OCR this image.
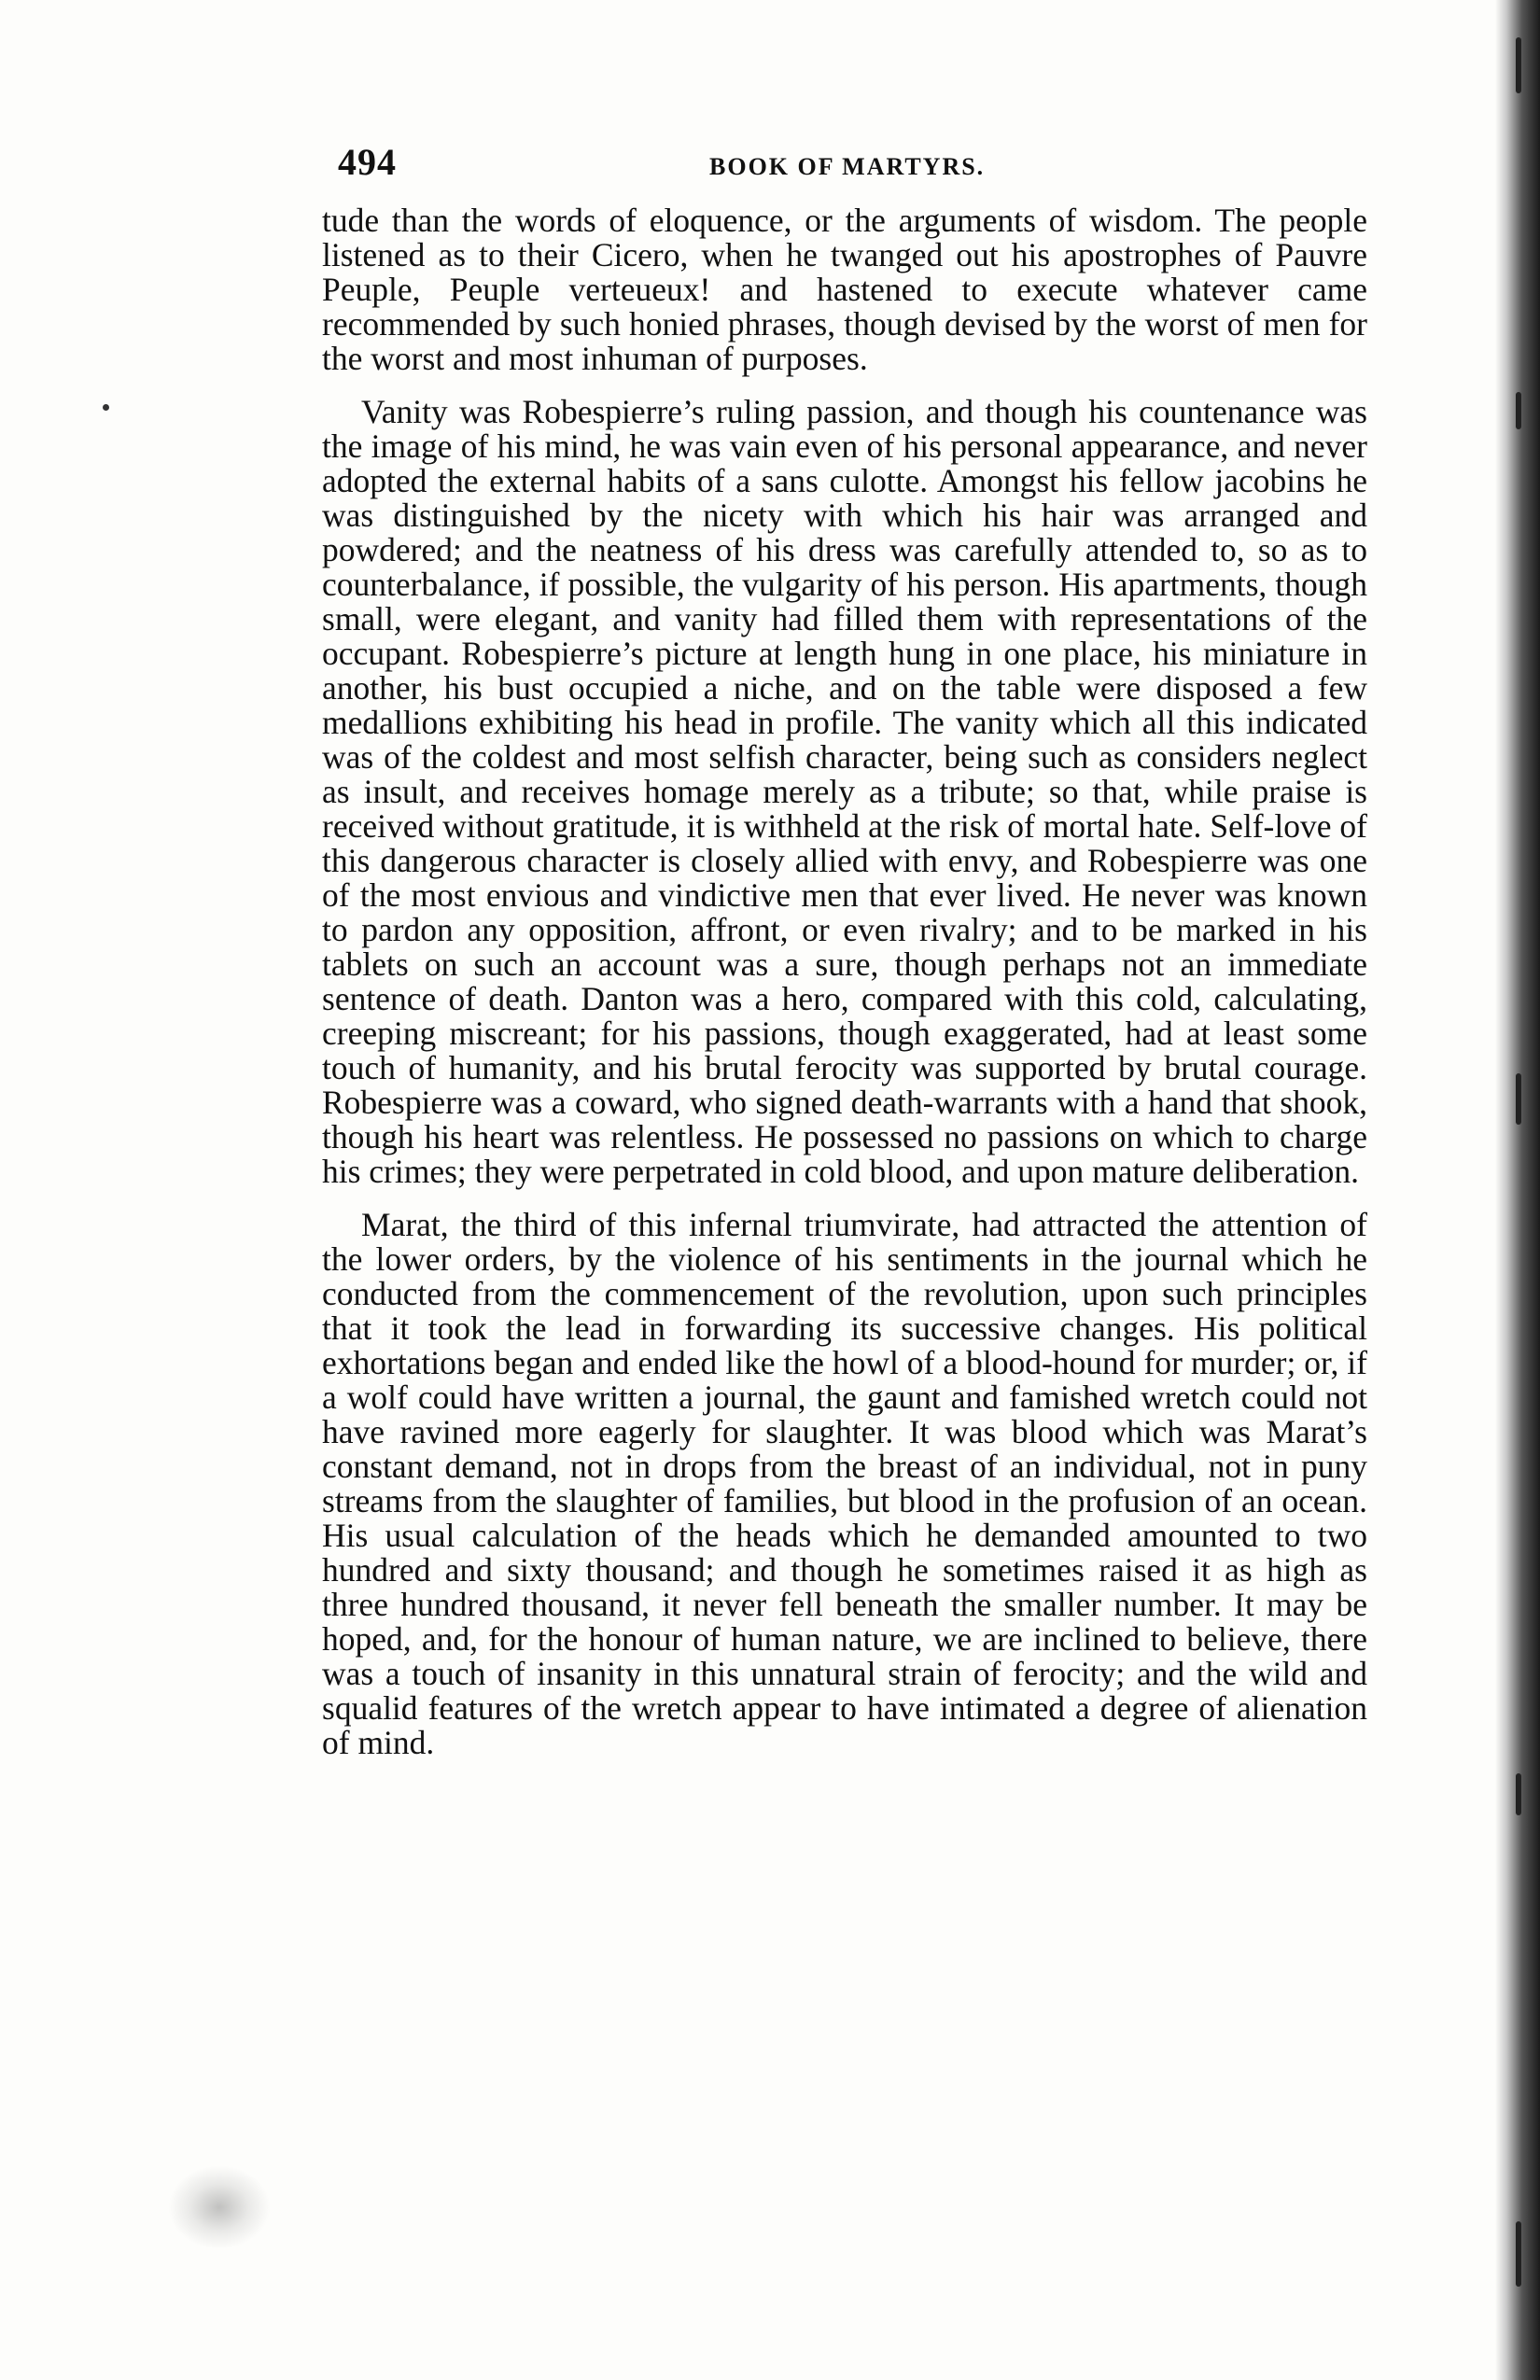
494	BOOK OF MARTYRS.

tude than the words of eloquence, or the arguments of wisdom. The people listened as to their Cicero, when he twanged out his apostrophes of Pauvre Peuple, Peuple verteueux! and hastened to execute whatever came recommended by such honied phrases, though devised by the worst of men for the worst and most inhuman of purposes.

Vanity was Robespierre’s ruling passion, and though his countenance was the image of his mind, he was vain even of his personal appearance, and never adopted the external habits of a sans culotte. Amongst his fellow jacobins he was distinguished by the nicety with which his hair was arranged and powdered; and the neatness of his dress was carefully attended to, so as to counterbalance, if possible, the vulgarity of his person. His apartments, though small, were elegant, and vanity had filled them with representations of the occupant. Robespierre’s picture at length hung in one place, his miniature in another, his bust occupied a niche, and on the table were disposed a few medallions exhibiting his head in profile. The vanity which all this indicated was of the coldest and most selfish character, being such as considers neglect as insult, and receives homage merely as a tribute; so that, while praise is received without gratitude, it is withheld at the risk of mortal hate. Self-love of this dangerous character is closely allied with envy, and Robespierre was one of the most envious and vindictive men that ever lived. He never was known to pardon any opposition, affront, or even rivalry; and to be marked in his tablets on such an account was a sure, though perhaps not an immediate sentence of death. Danton was a hero, compared with this cold, calculating, creeping miscreant; for his passions, though exaggerated, had at least some touch of humanity, and his brutal ferocity was supported by brutal courage. Robespierre was a coward, who signed death-warrants with a hand that shook, though his heart was relentless. He possessed no passions on which to charge his crimes; they were perpetrated in cold blood, and upon mature deliberation.

Marat, the third of this infernal triumvirate, had attracted the attention of the lower orders, by the violence of his sentiments in the journal which he conducted from the commencement of the revolution, upon such principles that it took the lead in forwarding its successive changes. His political exhortations began and ended like the howl of a blood-hound for murder; or, if a wolf could have written a journal, the gaunt and famished wretch could not have ravined more eagerly for slaughter. It was blood which was Marat’s constant demand, not in drops from the breast of an individual, not in puny streams from the slaughter of families, but blood in the profusion of an ocean. His usual calculation of the heads which he demanded amounted to two hundred and sixty thousand; and though he sometimes raised it as high as three hundred thousand, it never fell beneath the smaller number. It may be hoped, and, for the honour of human nature, we are inclined to believe, there was a touch of insanity in this unnatural strain of ferocity; and the wild and squalid features of the wretch appear to have intimated a degree of alienation of mind.
